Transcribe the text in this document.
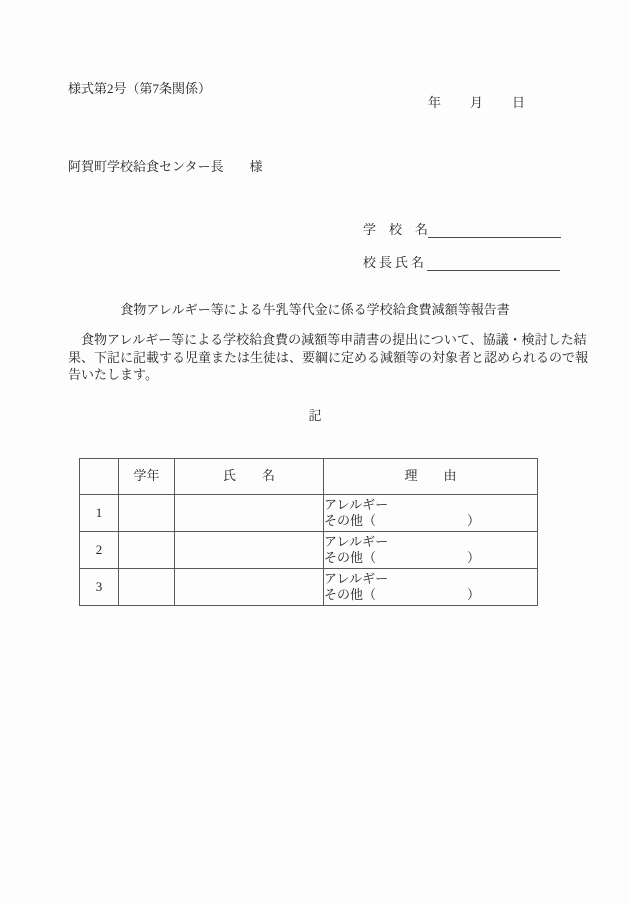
様式第2号（第7条関係）
年　　月　　日
阿賀町学校給食センター長　　様
学　校　名
校長氏名
食物アレルギー等による牛乳等代金に係る学校給食費減額等報告書
　食物アレルギー等による学校給食費の減額等申請書の提出について、協議・検討した結
果、下記に記載する児童または生徒は、要綱に定める減額等の対象者と認められるので報
告いたします。
記
	学年	氏　　名	理　　由
1			アレルギー
その他（　　　　　　　）

2			アレルギー
その他（　　　　　　　）

3			アレルギー
その他（　　　　　　　）
